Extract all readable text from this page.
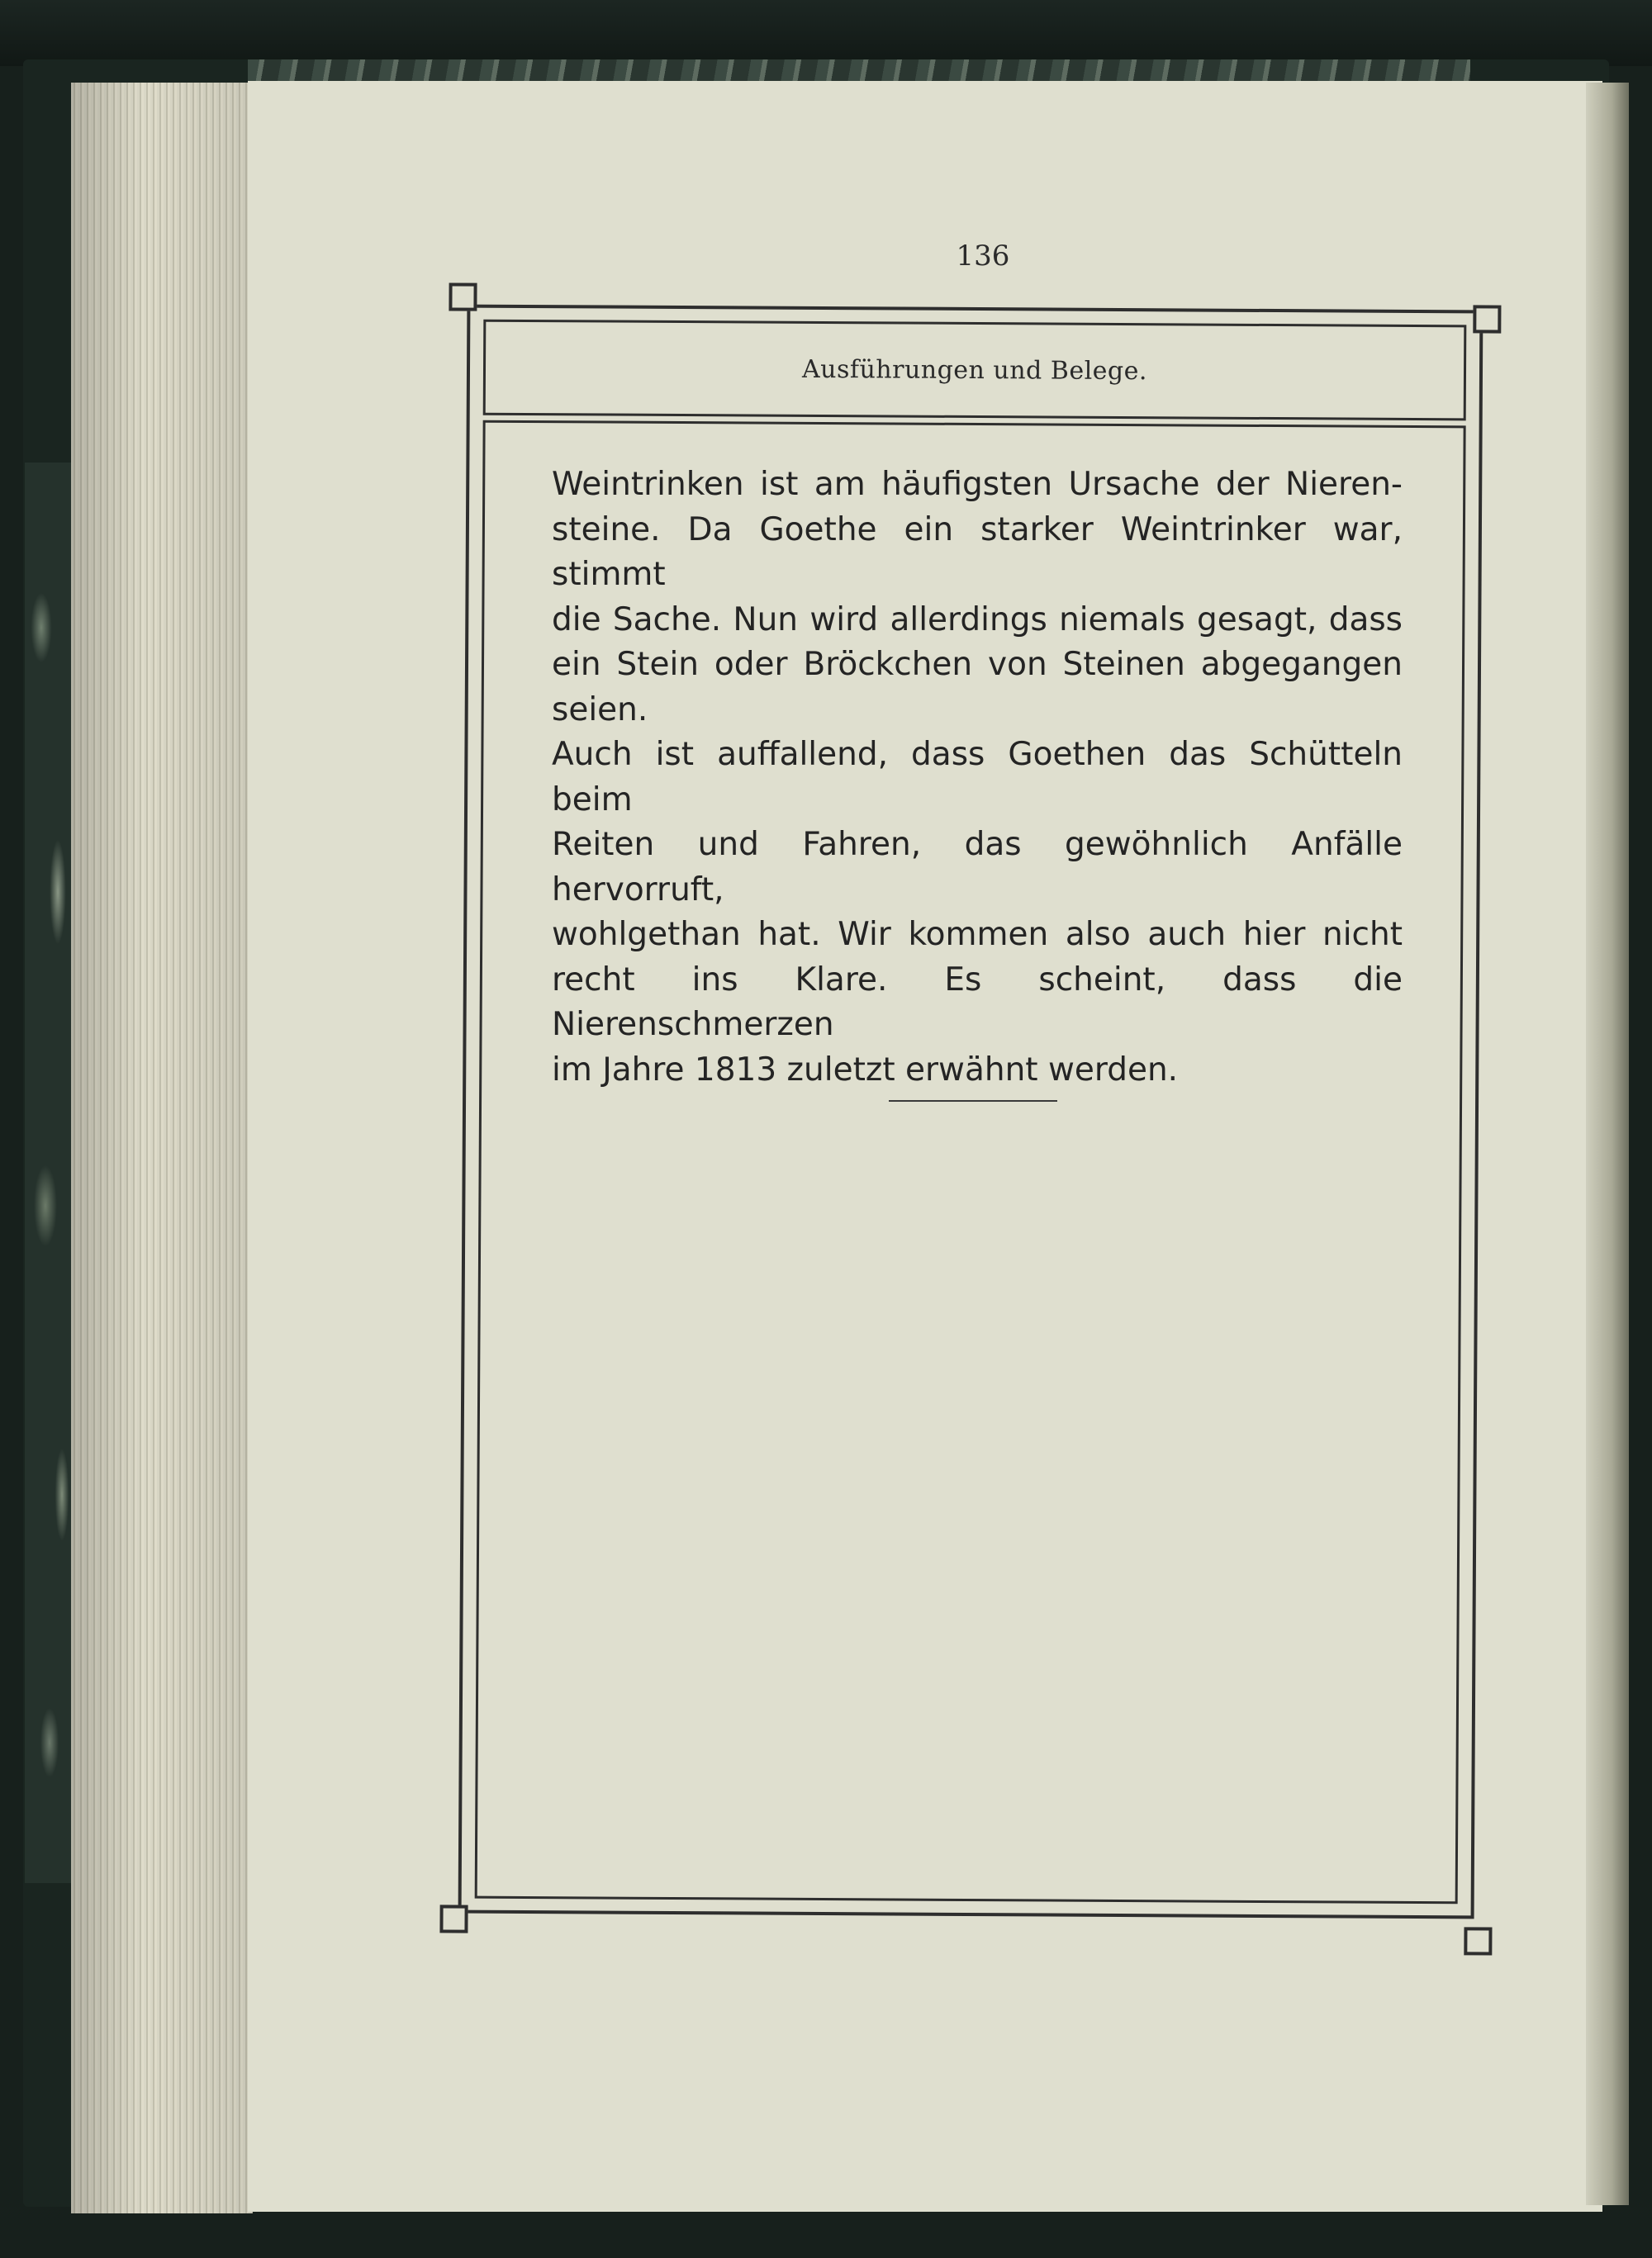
136
Ausführungen und Belege.
Weintrinken ist am häufigsten Ursache der Nieren-
steine. Da Goethe ein starker Weintrinker war, stimmt
die Sache. Nun wird allerdings niemals gesagt, dass
ein Stein oder Bröckchen von Steinen abgegangen seien.
Auch ist auffallend, dass Goethen das Schütteln beim
Reiten und Fahren, das gewöhnlich Anfälle hervorruft,
wohlgethan hat. Wir kommen also auch hier nicht
recht ins Klare. Es scheint, dass die Nierenschmerzen
im Jahre 1813 zuletzt erwähnt werden.
